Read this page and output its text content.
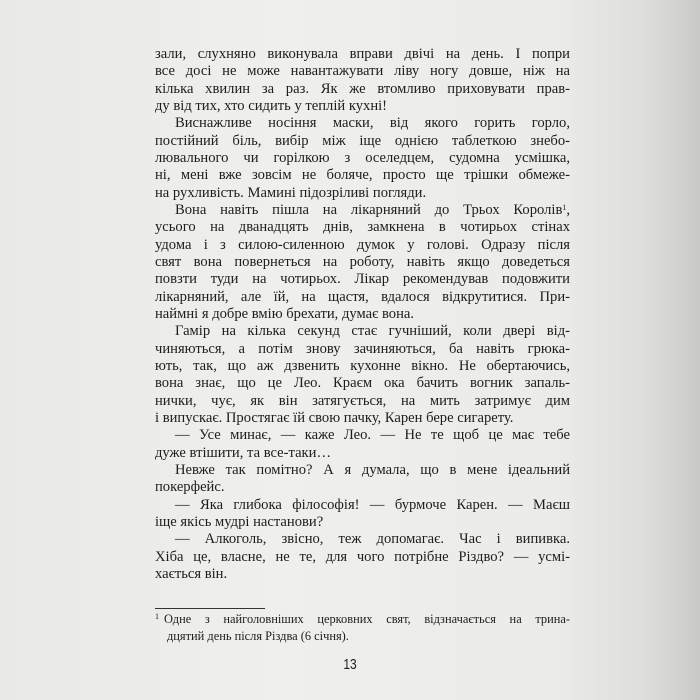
зали, слухняно виконувала вправи двічі на день. І попри
все досі не може навантажувати ліву ногу довше, ніж на
кілька хвилин за раз. Як же втомливо приховувати прав-
ду від тих, хто сидить у теплій кухні!
Виснажливе носіння маски, від якого горить горло,
постійний біль, вибір між іще однією таблеткою знебо-
лювального чи горілкою з оселедцем, судомна усмішка,
ні, мені вже зовсім не боляче, просто ще трішки обмеже-
на рухливість. Мамині підозріливі погляди.
Вона навіть пішла на лікарняний до Трьох Королів$^1$,
усього на дванадцять днів, замкнена в чотирьох стінах
удома і з силою-силенною думок у голові. Одразу після
свят вона повернеться на роботу, навіть якщо доведеться
повзти туди на чотирьох. Лікар рекомендував подовжити
лікарняний, але їй, на щастя, вдалося відкрутитися. При-
наймні я добре вмію брехати, думає вона.
Гамір на кілька секунд стає гучніший, коли двері від-
чиняються, а потім знову зачиняються, ба навіть грюка-
ють, так, що аж дзвенить кухонне вікно. Не обертаючись,
вона знає, що це Лео. Краєм ока бачить вогник запаль-
нички, чує, як він затягується, на мить затримує дим
і випускає. Простягає їй свою пачку, Карен бере сигарету.
— Усе минає, — каже Лео. — Не те щоб це має тебе
дуже втішити, та все-таки…
Невже так помітно? А я думала, що в мене ідеальний
покерфейс.
— Яка глибока філософія! — бурмоче Карен. — Маєш
іще якісь мудрі настанови?
— Алкоголь, звісно, теж допомагає. Час і випивка.
Хіба це, власне, не те, для чого потрібне Різдво? — усмі-
хається він.
$^1$ Одне з найголовніших церковних свят, відзначається на трина-
дцятий день після Різдва (6 січня).
13
